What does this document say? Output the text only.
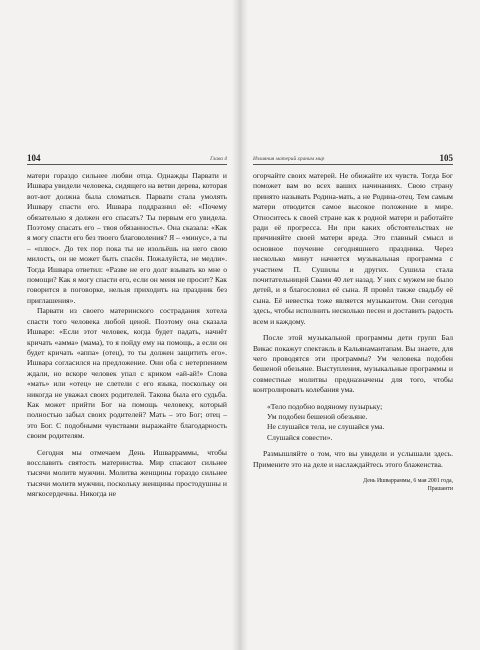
104	Глава 4

матери гораздо сильнее любви отца. Однажды Парвати и Ишвара увидели человека, сидящего на ветви дерева, которая вот-вот должна была сломаться. Парвати стала умолять Ишвару спасти его. Ишвара поддразнил её: «Почему обязательно я должен его спасать? Ты первым его увидела. Поэтому спасать его – твоя обязанность». Она сказала: «Как я могу спасти его без твоего благоволения? Я – «минус», а ты – «плюс». До тех пор пока ты не изольёшь на него свою милость, он не может быть спасён. Пожалуйста, не медли». Тогда Ишвара ответил: «Разве не его долг взывать ко мне о помощи? Как я могу спасти его, если он меня не просит? Как говорится в поговорке, нельзя приходить на праздник без приглашения».

Парвати из своего материнского сострадания хотела спасти того человека любой ценой. Поэтому она сказала Ишваре: «Если этот человек, когда будет падать, начнёт кричать «амма» (мама), то я пойду ему на помощь, а если он будет кричать «аппа» (отец), то ты должен защитить его». Ишвара согласился на предложение. Они оба с нетерпением ждали, но вскоре человек упал с криком «ай-ай!» Слова «мать» или «отец» не слетели с его языка, поскольку он никогда не уважал своих родителей. Такова была его судьба. Как может прийти Бог на помощь человеку, который полностью забыл своих родителей? Мать – это Бог; отец – это Бог. С подобными чувствами выражайте благодарность своим родителям.

Сегодня мы отмечаем День Ишварраммы, чтобы восславить святость материнства. Мир спасают сильнее тысячи молитв мужчин. Молитва женщины гораздо сильнее тысячи молитв мужчин, поскольку женщины простодушны и мягкосердечны. Никогда не

Излияния материй храним мир	105

огорчайте своих матерей. Не обижайте их чувств. Тогда Бог поможет вам во всех ваших начинаниях. Свою страну принято называть Родина-мать, а не Родина-отец. Тем самым матери отводится самое высокое положение в мире. Относитесь к своей стране как к родной матери и работайте ради её прогресса. Ни при каких обстоятельствах не причиняйте своей матери вреда. Это главный смысл и основное поучение сегодняшнего праздника. Через несколько минут начнется музыкальная программа с участием П. Сушилы и других. Сушила стала почитательницей Свами 40 лет назад. У них с мужем не было детей, и я благословил её сына. Я провёл также свадьбу её сына. Её невестка тоже является музыкантом. Они сегодня здесь, чтобы исполнить несколько песен и доставить радость всем и каждому.

После этой музыкальной программы дети групп Бал Викас покажут спектакль в Кальянамантапам. Вы знаете, для чего проводятся эти программы? Ум человека подобен бешеной обезьяне. Выступления, музыкальные программы и совместные молитвы предназначены для того, чтобы контролировать колебания ума.

«Тело подобно водяному пузырьку;
Ум подобен бешеной обезьяне.
Не слушайся тела, не слушайся ума.
Слушайся совести».

Размышляйте о том, что вы увидели и услышали здесь. Примените это на деле и наслаждайтесь этого блаженства.

День Ишварраммы, 6 мая 2001 года,
Прашанти
